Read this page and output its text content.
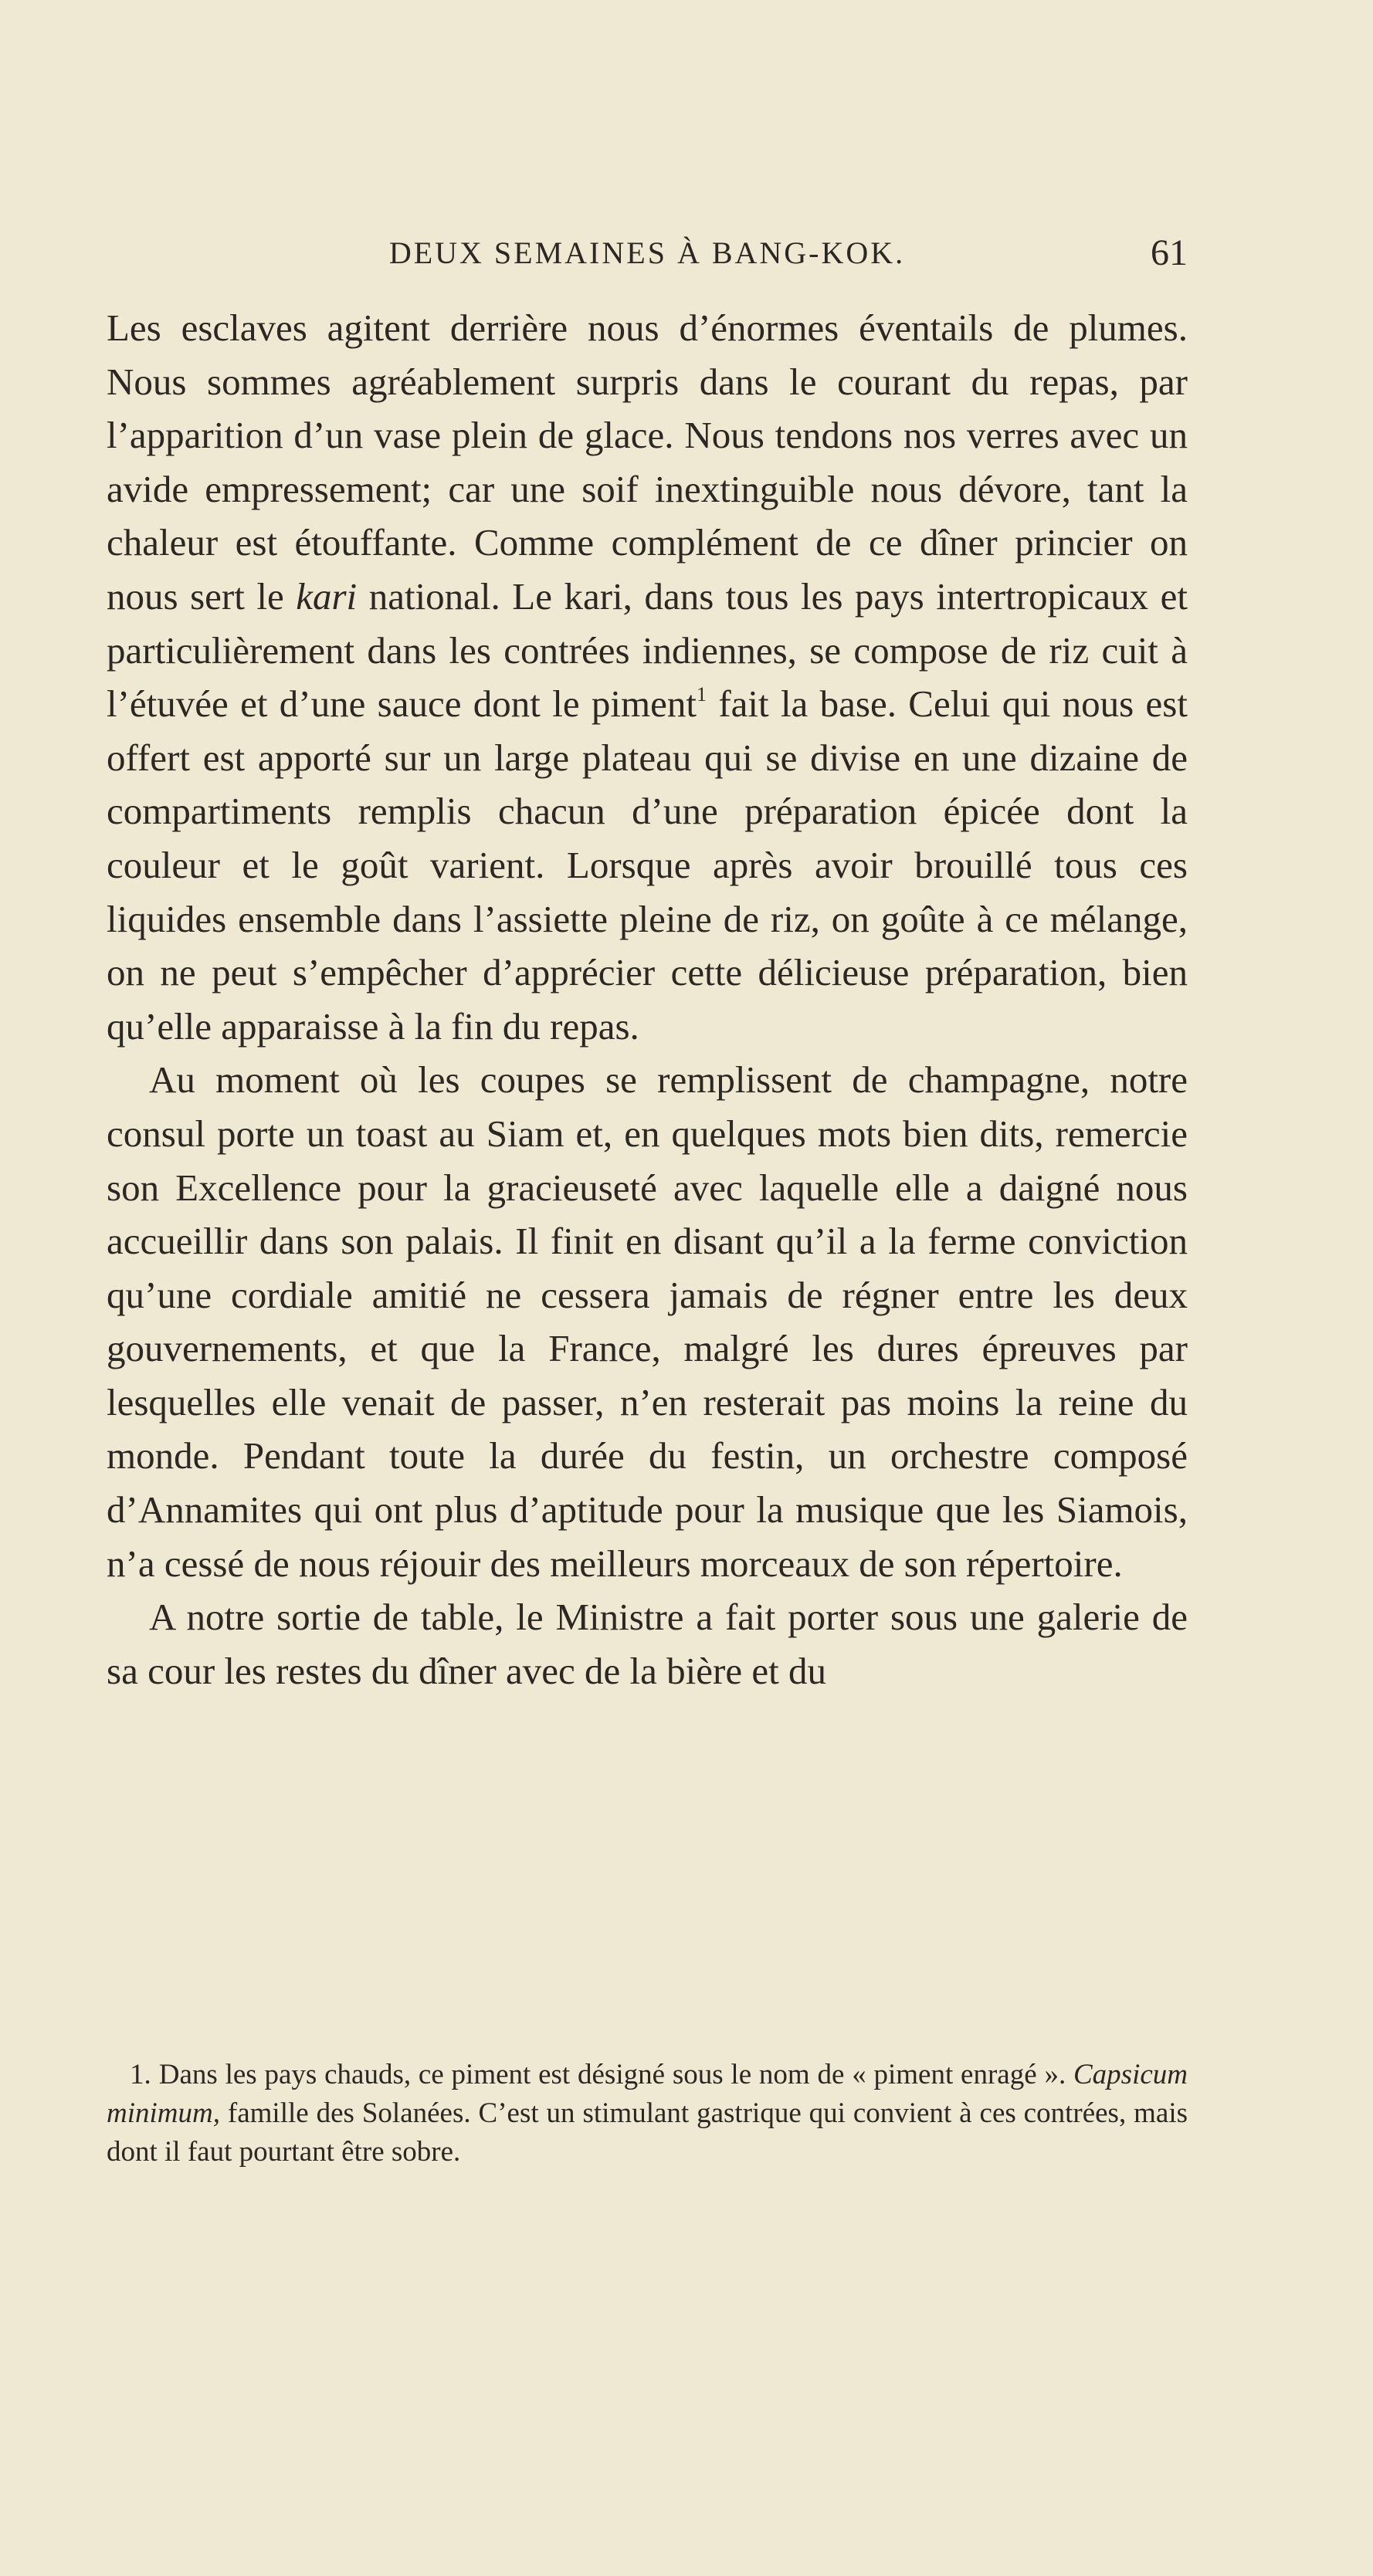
DEUX SEMAINES À BANG-KOK.	61

Les esclaves agitent derrière nous d’énormes éventails de plumes. Nous sommes agréablement surpris dans le courant du repas, par l’apparition d’un vase plein de glace. Nous tendons nos verres avec un avide empressement; car une soif inextinguible nous dévore, tant la chaleur est étouffante. Comme complément de ce dîner princier on nous sert le kari national. Le kari, dans tous les pays intertropicaux et particulièrement dans les contrées indiennes, se compose de riz cuit à l’étuvée et d’une sauce dont le piment$^1$ fait la base. Celui qui nous est offert est apporté sur un large plateau qui se divise en une dizaine de compartiments remplis chacun d’une préparation épicée dont la couleur et le goût varient. Lorsque après avoir brouillé tous ces liquides ensemble dans l’assiette pleine de riz, on goûte à ce mélange, on ne peut s’empêcher d’apprécier cette délicieuse préparation, bien qu’elle apparaisse à la fin du repas.

Au moment où les coupes se remplissent de champagne, notre consul porte un toast au Siam et, en quelques mots bien dits, remercie son Excellence pour la gracieuseté avec laquelle elle a daigné nous accueillir dans son palais. Il finit en disant qu’il a la ferme conviction qu’une cordiale amitié ne cessera jamais de régner entre les deux gouvernements, et que la France, malgré les dures épreuves par lesquelles elle venait de passer, n’en resterait pas moins la reine du monde. Pendant toute la durée du festin, un orchestre composé d’Annamites qui ont plus d’aptitude pour la musique que les Siamois, n’a cessé de nous réjouir des meilleurs morceaux de son répertoire.

A notre sortie de table, le Ministre a fait porter sous une galerie de sa cour les restes du dîner avec de la bière et du

1. Dans les pays chauds, ce piment est désigné sous le nom de « piment enragé ». Capsicum minimum, famille des Solanées. C’est un stimulant gastrique qui convient à ces contrées, mais dont il faut pourtant être sobre.
